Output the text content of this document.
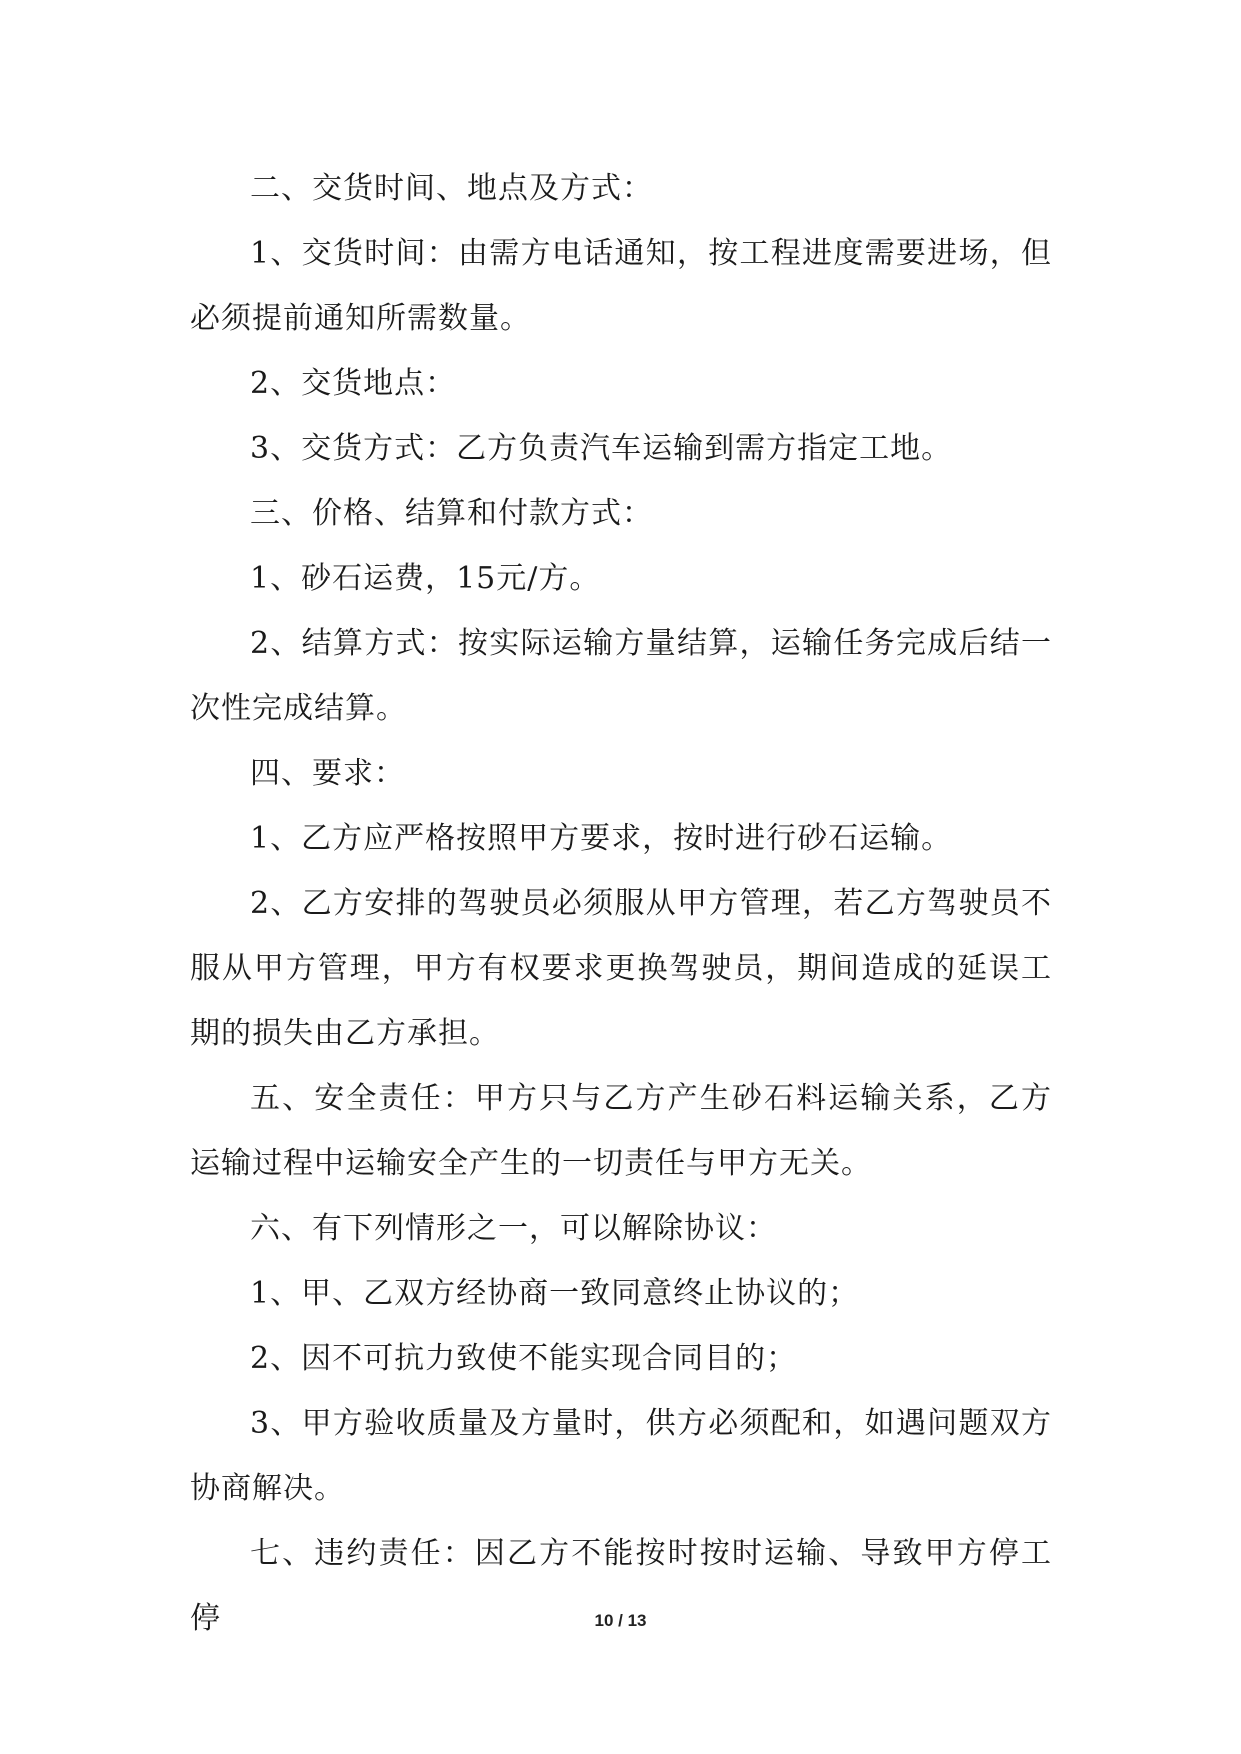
二、交货时间、地点及方式：

1、交货时间：由需方电话通知，按工程进度需要进场，但必须提前通知所需数量。

2、交货地点：

3、交货方式：乙方负责汽车运输到需方指定工地。

三、价格、结算和付款方式：

1、砂石运费，15元/方。

2、结算方式：按实际运输方量结算，运输任务完成后结一次性完成结算。

四、要求：

1、乙方应严格按照甲方要求，按时进行砂石运输。

2、乙方安排的驾驶员必须服从甲方管理，若乙方驾驶员不服从甲方管理，甲方有权要求更换驾驶员，期间造成的延误工期的损失由乙方承担。

五、安全责任：甲方只与乙方产生砂石料运输关系，乙方运输过程中运输安全产生的一切责任与甲方无关。

六、有下列情形之一，可以解除协议：

1、甲、乙双方经协商一致同意终止协议的；

2、因不可抗力致使不能实现合同目的；

3、甲方验收质量及方量时，供方必须配和，如遇问题双方协商解决。

七、违约责任：因乙方不能按时按时运输、导致甲方停工停	10 / 13
